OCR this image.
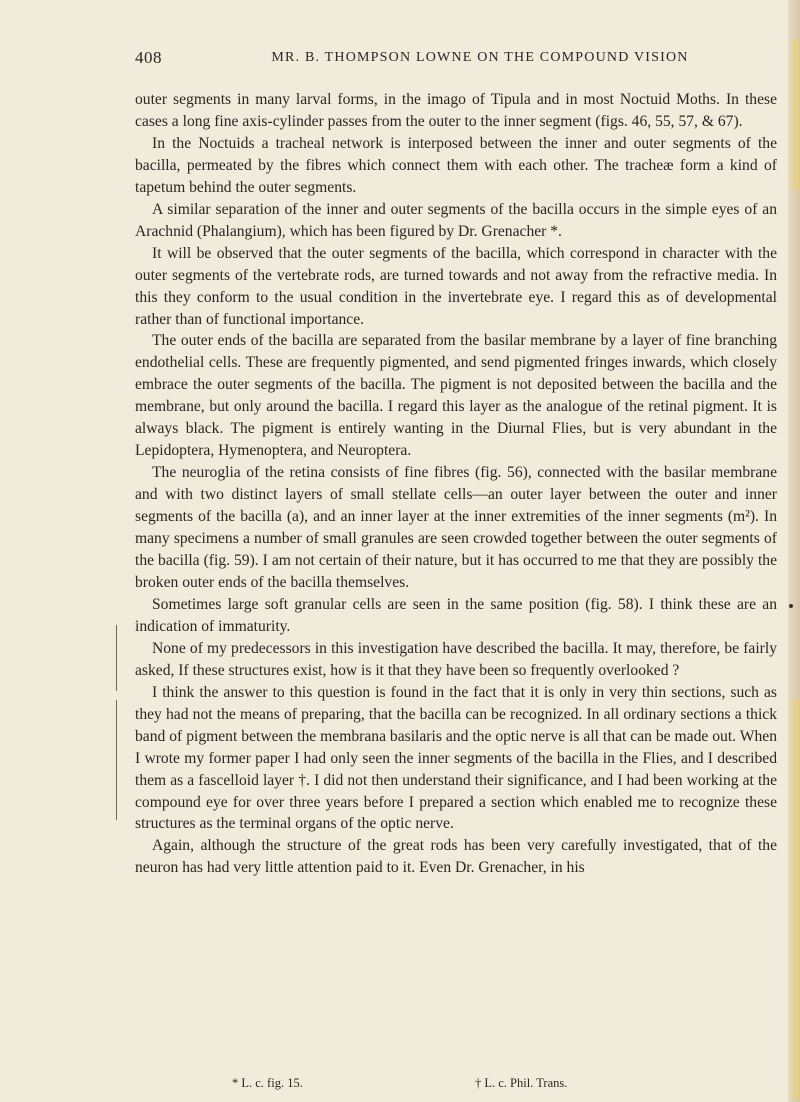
408	MR. B. THOMPSON LOWNE ON THE COMPOUND VISION

outer segments in many larval forms, in the imago of Tipula and in most Noctuid Moths. In these cases a long fine axis-cylinder passes from the outer to the inner segment (figs. 46, 55, 57, & 67).

In the Noctuids a tracheal network is interposed between the inner and outer segments of the bacilla, permeated by the fibres which connect them with each other. The tracheæ form a kind of tapetum behind the outer segments.

A similar separation of the inner and outer segments of the bacilla occurs in the simple eyes of an Arachnid (Phalangium), which has been figured by Dr. Grenacher *.

It will be observed that the outer segments of the bacilla, which correspond in character with the outer segments of the vertebrate rods, are turned towards and not away from the refractive media. In this they conform to the usual condition in the invertebrate eye. I regard this as of developmental rather than of functional importance.

The outer ends of the bacilla are separated from the basilar membrane by a layer of fine branching endothelial cells. These are frequently pigmented, and send pigmented fringes inwards, which closely embrace the outer segments of the bacilla. The pigment is not deposited between the bacilla and the membrane, but only around the bacilla. I regard this layer as the analogue of the retinal pigment. It is always black. The pigment is entirely wanting in the Diurnal Flies, but is very abundant in the Lepidoptera, Hymenoptera, and Neuroptera.

The neuroglia of the retina consists of fine fibres (fig. 56), connected with the basilar membrane and with two distinct layers of small stellate cells—an outer layer between the outer and inner segments of the bacilla (a), and an inner layer at the inner extremities of the inner segments (m²). In many specimens a number of small granules are seen crowded together between the outer segments of the bacilla (fig. 59). I am not certain of their nature, but it has occurred to me that they are possibly the broken outer ends of the bacilla themselves.

Sometimes large soft granular cells are seen in the same position (fig. 58). I think these are an indication of immaturity.

None of my predecessors in this investigation have described the bacilla. It may, therefore, be fairly asked, If these structures exist, how is it that they have been so frequently overlooked ?

I think the answer to this question is found in the fact that it is only in very thin sections, such as they had not the means of preparing, that the bacilla can be recognized. In all ordinary sections a thick band of pigment between the membrana basilaris and the optic nerve is all that can be made out. When I wrote my former paper I had only seen the inner segments of the bacilla in the Flies, and I described them as a fascelloid layer †. I did not then understand their significance, and I had been working at the compound eye for over three years before I prepared a section which enabled me to recognize these structures as the terminal organs of the optic nerve.

Again, although the structure of the great rods has been very carefully investigated, that of the neuron has had very little attention paid to it. Even Dr. Grenacher, in his

* L. c. fig. 15.	† L. c. Phil. Trans.
